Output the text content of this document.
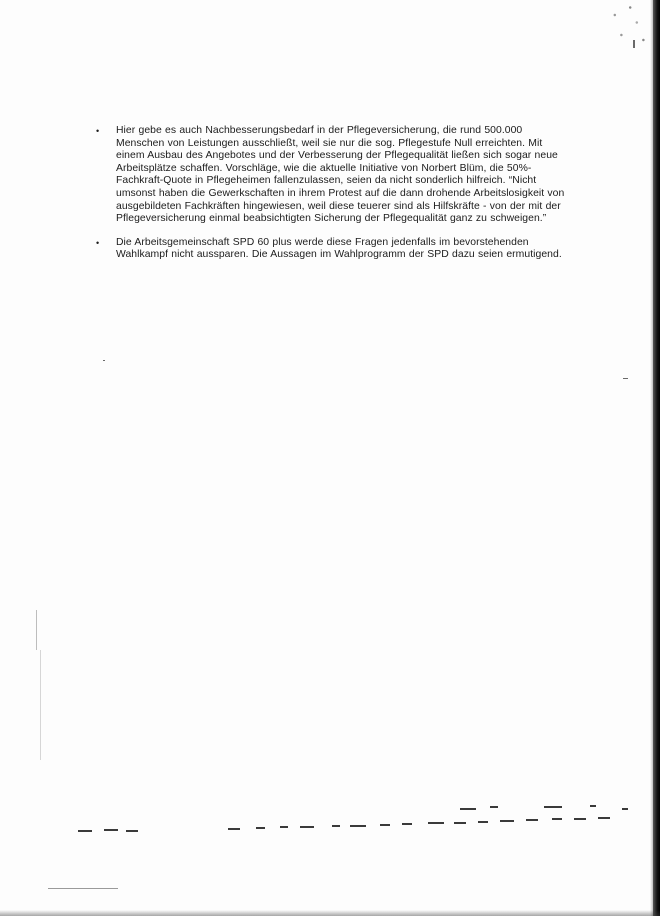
• Hier gebe es auch Nachbesserungsbedarf in der Pflegeversicherung, die rund 500.000 Menschen von Leistungen ausschließt, weil sie nur die sog. Pflegestufe Null erreichten. Mit einem Ausbau des Angebotes und der Verbesserung der Pflegequalität ließen sich sogar neue Arbeitsplätze schaffen. Vorschläge, wie die aktuelle Initiative von Norbert Blüm, die 50%-Fachkraft-Quote in Pflegeheimen fallenzulassen, seien da nicht sonderlich hilfreich. “Nicht umsonst haben die Gewerkschaften in ihrem Protest auf die dann drohende Arbeitslosigkeit von ausgebildeten Fachkräften hingewiesen, weil diese teuerer sind als Hilfskräfte - von der mit der Pflegeversicherung einmal beabsichtigten Sicherung der Pflegequalität ganz zu schweigen.”
• Die Arbeitsgemeinschaft SPD 60 plus werde diese Fragen jedenfalls im bevorstehenden Wahlkampf nicht aussparen. Die Aussagen im Wahlprogramm der SPD dazu seien ermutigend.
